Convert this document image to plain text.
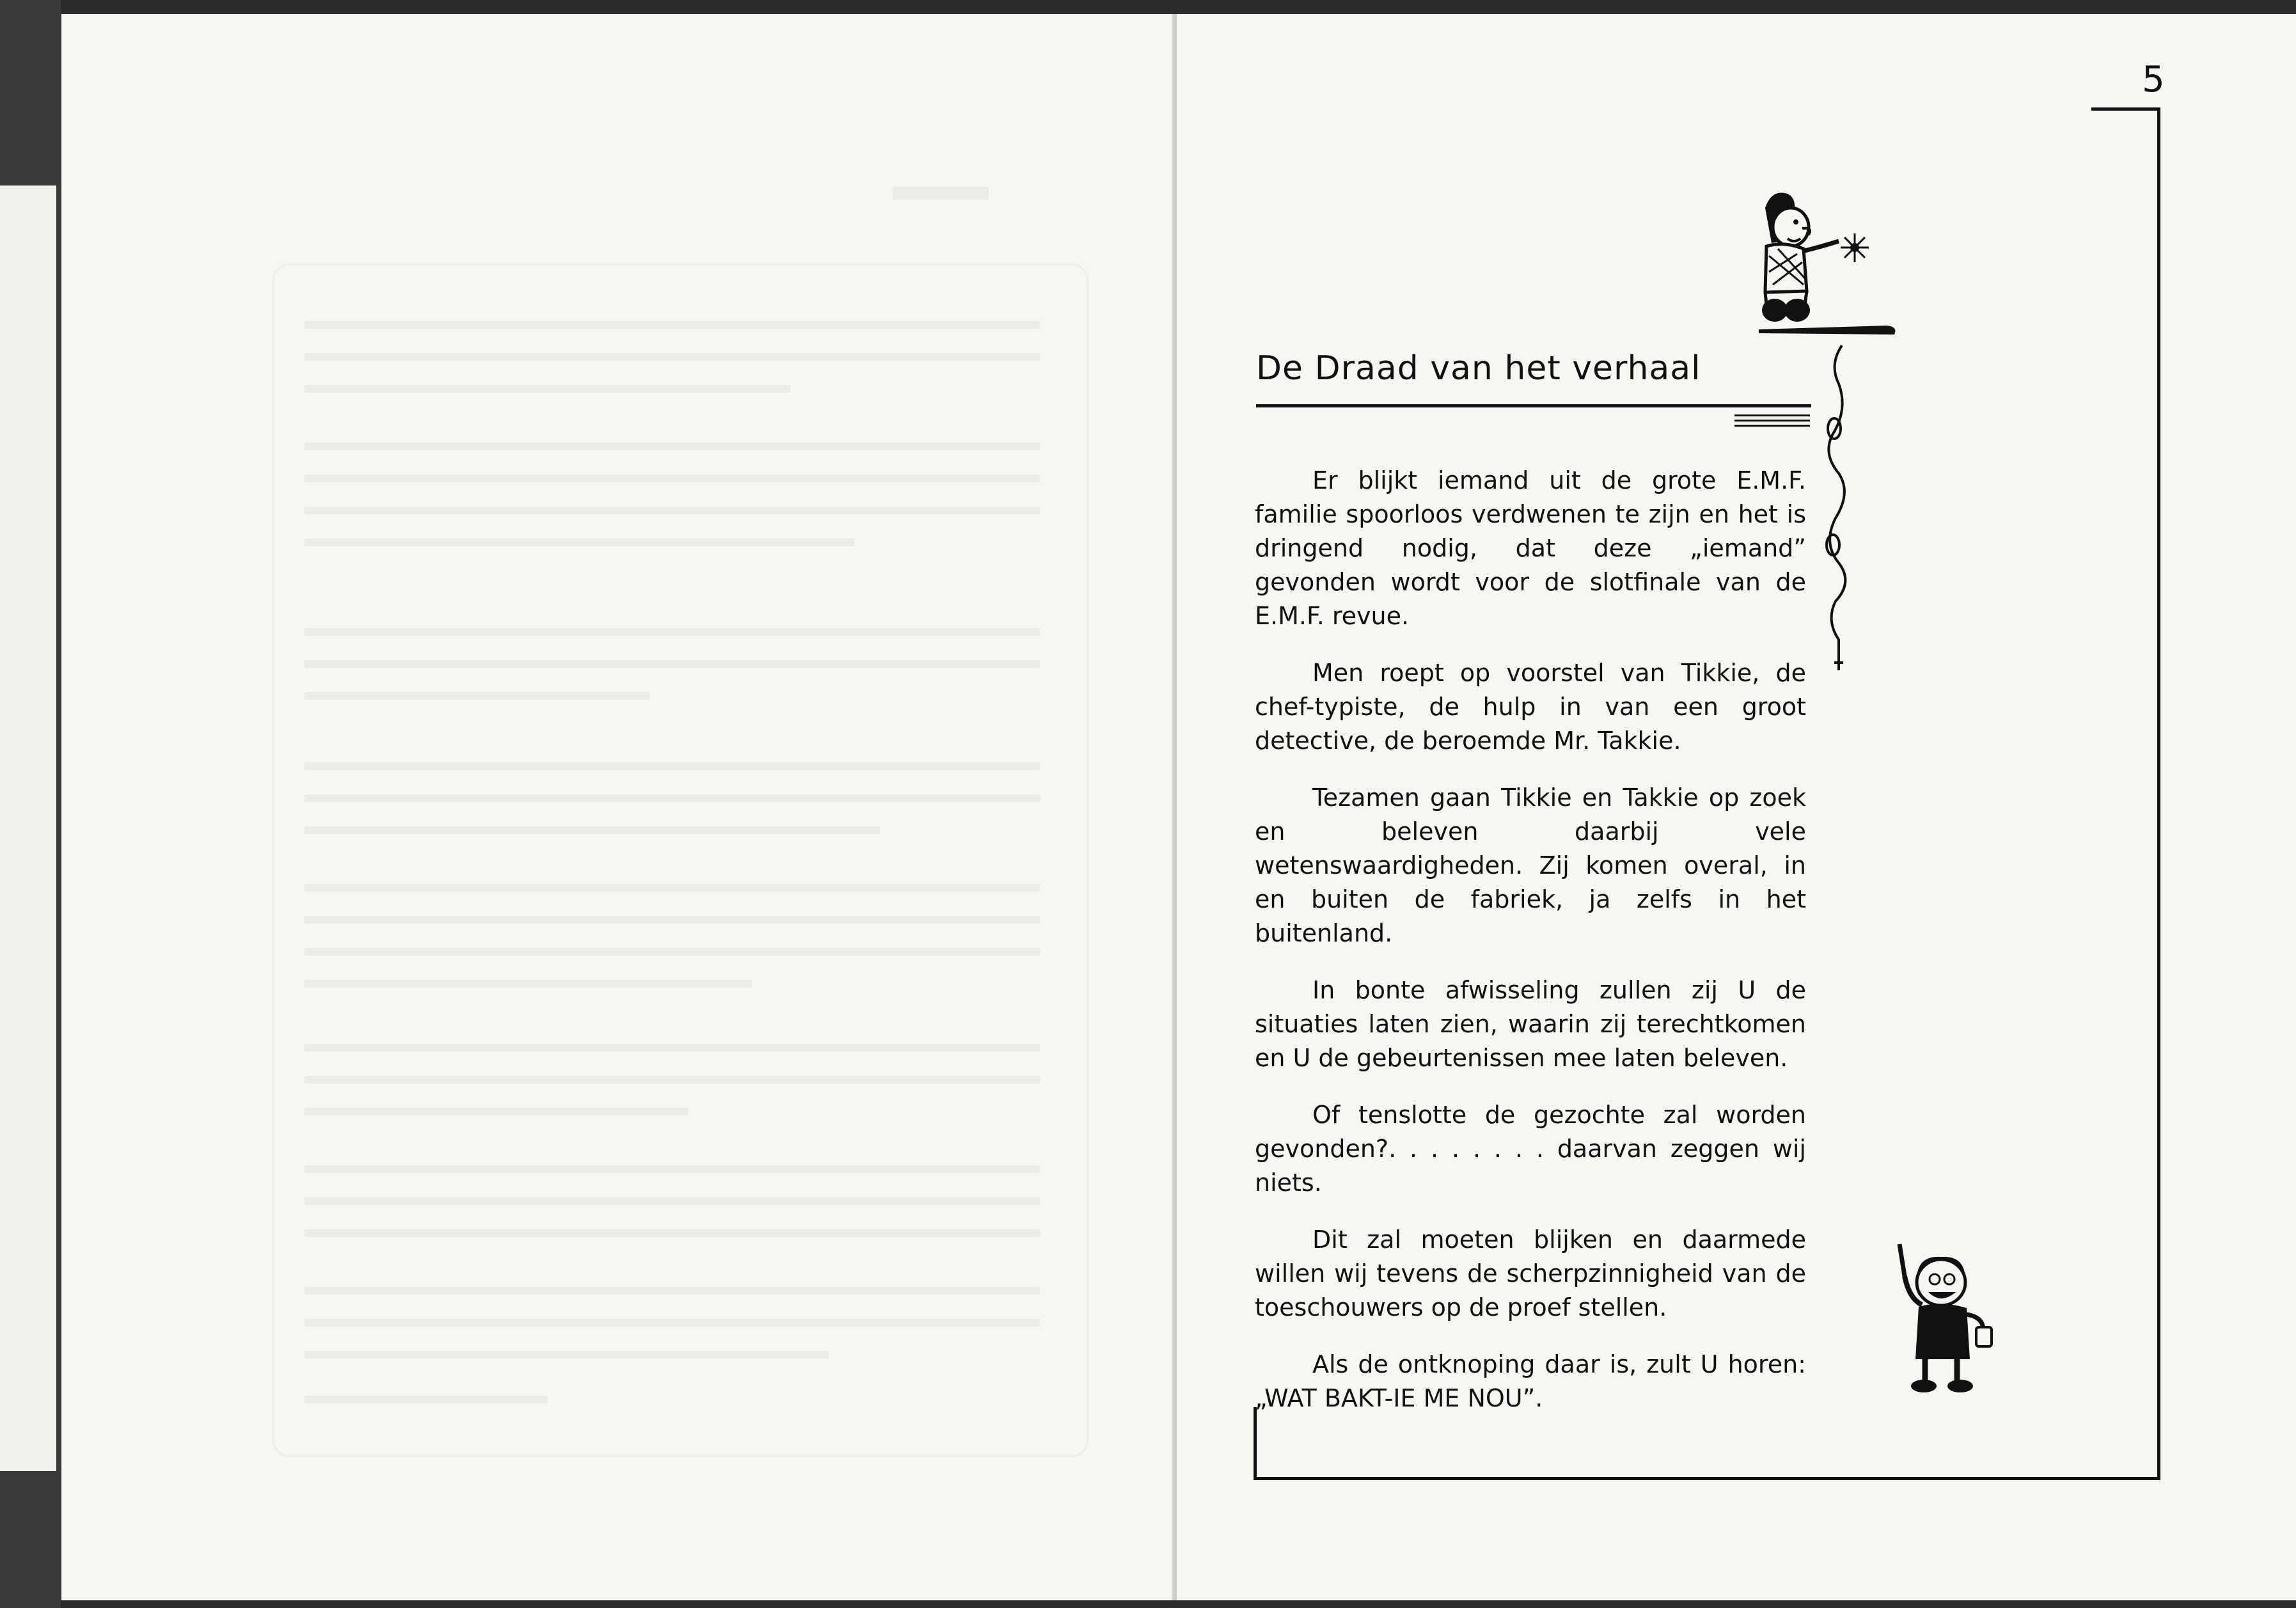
5
De Draad van het verhaal

Er blijkt iemand uit de grote E.M.F. familie spoorloos verdwenen te zijn en het is dringend nodig, dat deze „iemand” gevonden wordt voor de slotfinale van de E.M.F. revue.

Men roept op voorstel van Tikkie, de chef-typiste, de hulp in van een groot detective, de beroemde Mr. Takkie.

Tezamen gaan Tikkie en Takkie op zoek en beleven daarbij vele wetenswaardigheden. Zij komen overal, in en buiten de fabriek, ja zelfs in het buitenland.

In bonte afwisseling zullen zij U de situaties laten zien, waarin zij terechtkomen en U de gebeurtenissen mee laten beleven.

Of tenslotte de gezochte zal worden gevonden?. . . . . . . . daarvan zeggen wij niets.

Dit zal moeten blijken en daarmede willen wij tevens de scherpzinnigheid van de toeschouwers op de proef stellen.

Als de ontknoping daar is, zult U horen: „WAT BAKT-IE ME NOU”.
